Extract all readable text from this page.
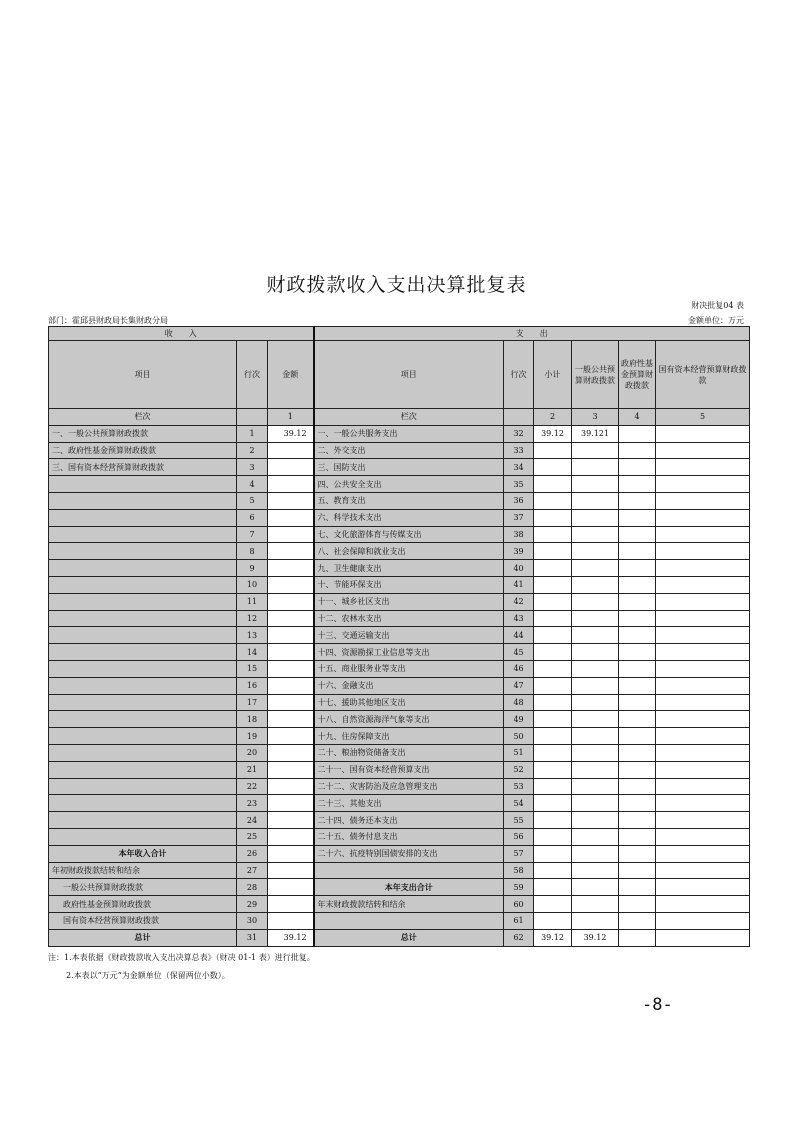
财政拨款收入支出决算批复表
财决批复04 表
部门：霍邱县财政局长集财政分局	金额单位：万元
收　　入			支　　出					
项目	行次	金额	项目	行次	小计	一般公共预算财政拨款	政府性基金预算财政拨款	国有资本经营预算财政拨款
栏次		1	栏次		2	3	4	5
一、一般公共预算财政拨款	1	39.12	一、一般公共服务支出	32	39.12	39.121		
二、政府性基金预算财政拨款	2		二、外交支出	33				
三、国有资本经营预算财政拨款	3		三、国防支出	34				
	4		四、公共安全支出	35				
	5		五、教育支出	36				
	6		六、科学技术支出	37				
	7		七、文化旅游体育与传媒支出	38				
	8		八、社会保障和就业支出	39				
	9		九、卫生健康支出	40				
	10		十、节能环保支出	41				
	11		十一、城乡社区支出	42				
	12		十二、农林水支出	43				
	13		十三、交通运输支出	44				
	14		十四、资源勘探工业信息等支出	45				
	15		十五、商业服务业等支出	46				
	16		十六、金融支出	47				
	17		十七、援助其他地区支出	48				
	18		十八、自然资源海洋气象等支出	49				
	19		十九、住房保障支出	50				
	20		二十、粮油物资储备支出	51				
	21		二十一、国有资本经营预算支出	52				
	22		二十二、灾害防治及应急管理支出	53				
	23		二十三、其他支出	54				
	24		二十四、债务还本支出	55				
	25		二十五、债务付息支出	56				
本年收入合计	26		二十六、抗疫特别国债安排的支出	57				
年初财政拨款结转和结余	27			58				
一般公共预算财政拨款	28		本年支出合计	59				
政府性基金预算财政拨款	29		年末财政拨款结转和结余	60				
国有资本经营预算财政拨款	30			61				
总计	31	39.12	总计	62	39.12	39.12		
注：1.本表依据《财政拨款收入支出决算总表》（财决 01-1 表）进行批复。
2.本表以“万元”为金额单位（保留两位小数）。
-8-
